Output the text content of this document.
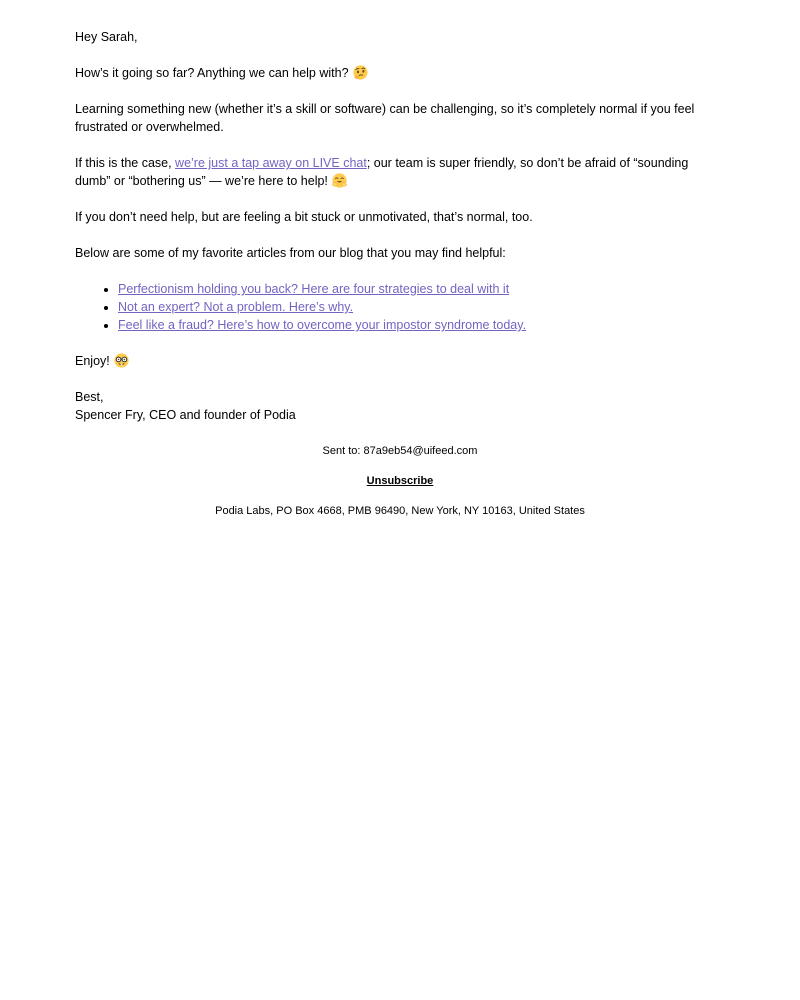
Hey Sarah,

How’s it going so far? Anything we can help with?

Learning something new (whether it’s a skill or software) can be challenging, so it’s completely normal if you feel frustrated or overwhelmed.

If this is the case, we’re just a tap away on LIVE chat; our team is super friendly, so don’t be afraid of “sounding dumb” or “bothering us” — we’re here to help!

If you don’t need help, but are feeling a bit stuck or unmotivated, that’s normal, too.

Below are some of my favorite articles from our blog that you may find helpful:

• Perfectionism holding you back? Here are four strategies to deal with it
• Not an expert? Not a problem. Here’s why.
• Feel like a fraud? Here’s how to overcome your impostor syndrome today.

Enjoy!

Best,
Spencer Fry, CEO and founder of Podia

Sent to: 87a9eb54@uifeed.com

Unsubscribe

Podia Labs, PO Box 4668, PMB 96490, New York, NY 10163, United States
